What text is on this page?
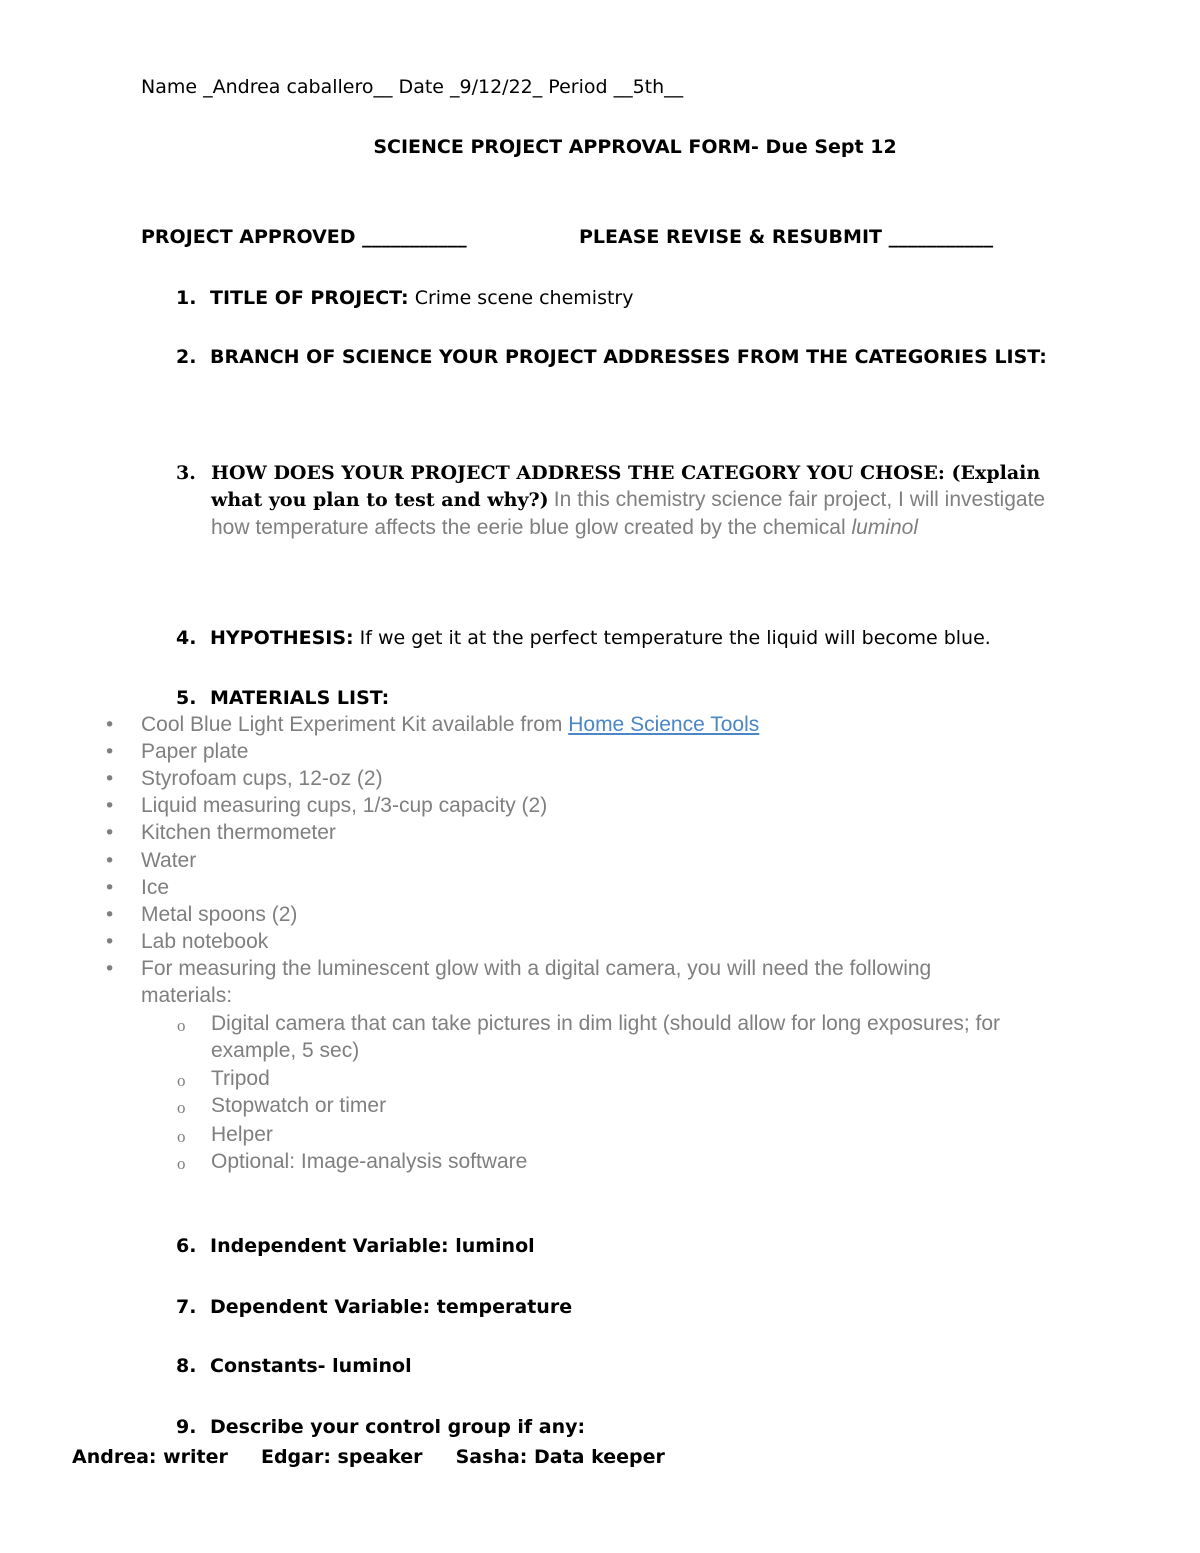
Name _Andrea caballero__ Date _9/12/22_ Period __5th__
SCIENCE PROJECT APPROVAL FORM- Due Sept 12
PROJECT APPROVED ___________	PLEASE REVISE & RESUBMIT ___________
1. TITLE OF PROJECT: Crime scene chemistry
2. BRANCH OF SCIENCE YOUR PROJECT ADDRESSES FROM THE CATEGORIES LIST:
3. HOW DOES YOUR PROJECT ADDRESS THE CATEGORY YOU CHOSE: (Explain
what you plan to test and why?) In this chemistry science fair project, I will investigate
how temperature affects the eerie blue glow created by the chemical luminol
4. HYPOTHESIS: If we get it at the perfect temperature the liquid will become blue.
5. MATERIALS LIST:
• Cool Blue Light Experiment Kit available from Home Science Tools
• Paper plate
• Styrofoam cups, 12-oz (2)
• Liquid measuring cups, 1/3-cup capacity (2)
• Kitchen thermometer
• Water
• Ice
• Metal spoons (2)
• Lab notebook
• For measuring the luminescent glow with a digital camera, you will need the following
materials:
o Digital camera that can take pictures in dim light (should allow for long exposures; for
example, 5 sec)
o Tripod
o Stopwatch or timer
o Helper
o Optional: Image-analysis software
6. Independent Variable: luminol
7. Dependent Variable: temperature
8. Constants- luminol
9. Describe your control group if any:
Andrea: writer     Edgar: speaker     Sasha: Data keeper
